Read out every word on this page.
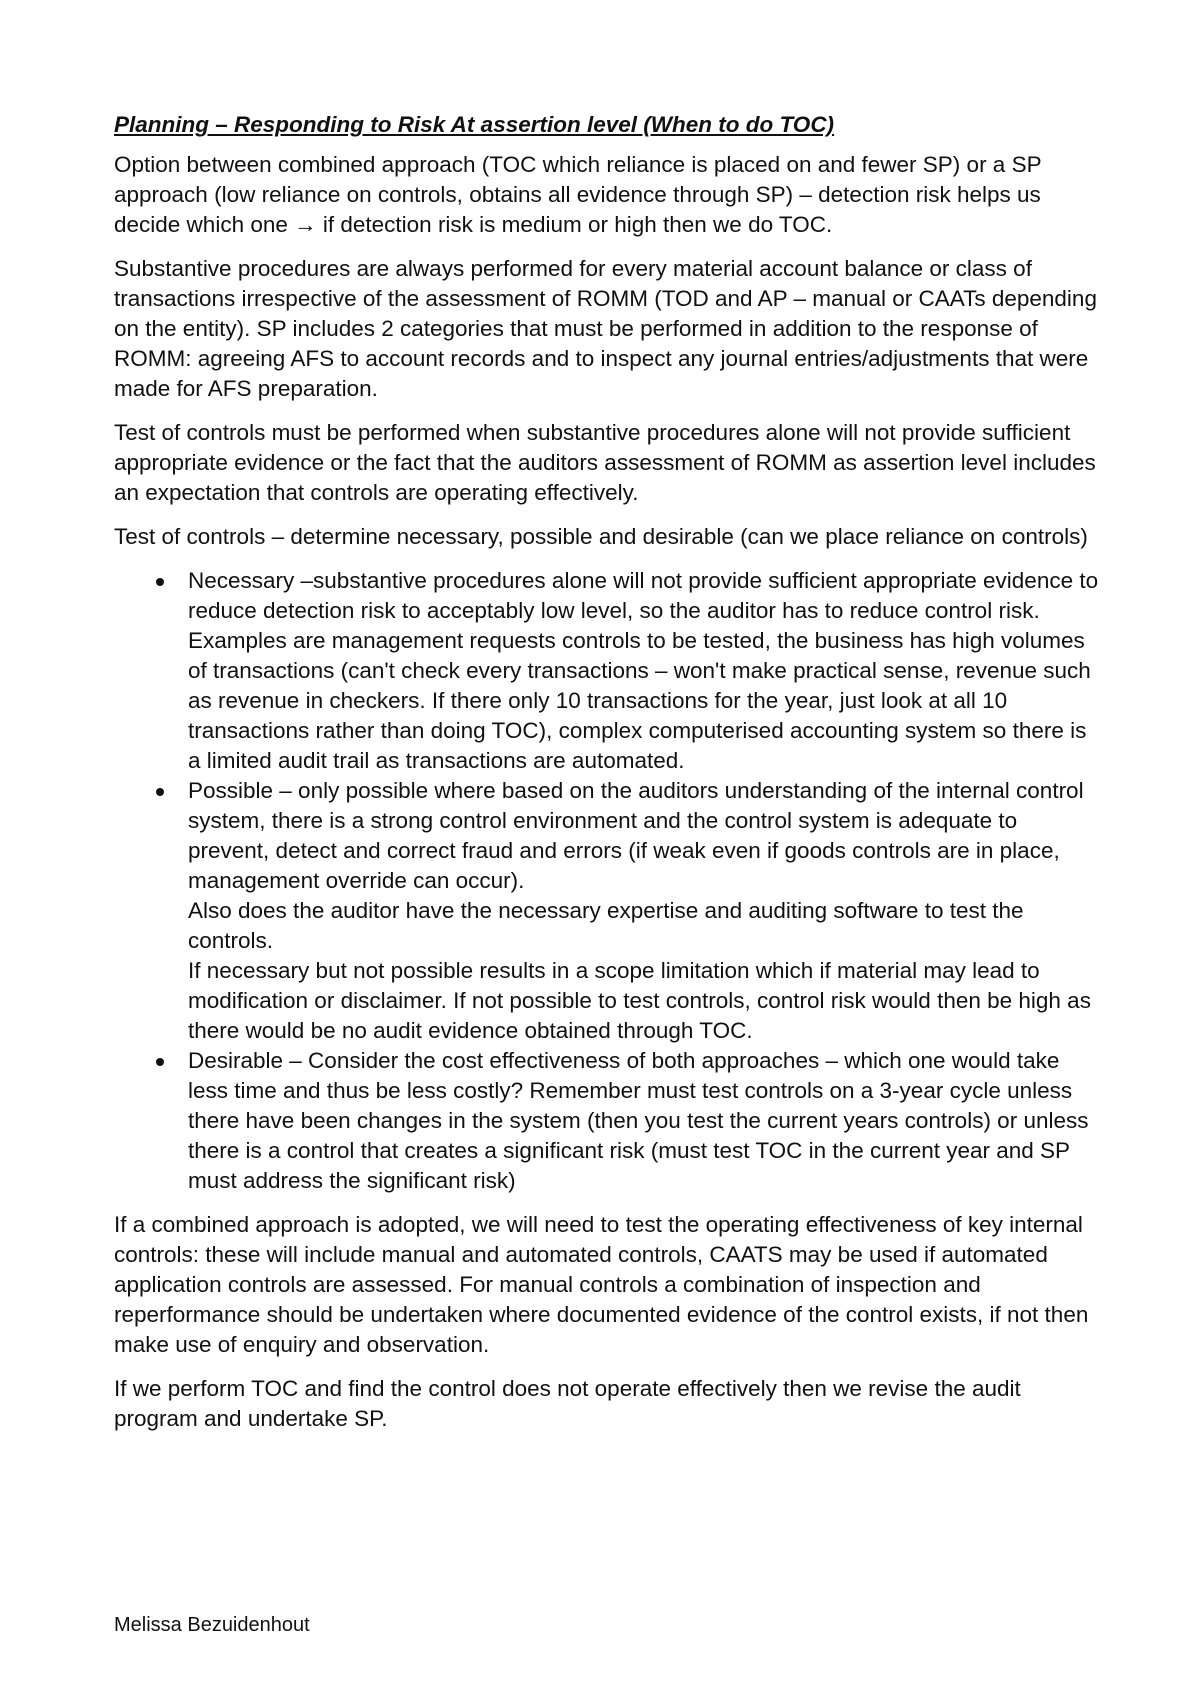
Planning – Responding to Risk At assertion level (When to do TOC)

Option between combined approach (TOC which reliance is placed on and fewer SP) or a SP approach (low reliance on controls, obtains all evidence through SP) – detection risk helps us decide which one → if detection risk is medium or high then we do TOC.

Substantive procedures are always performed for every material account balance or class of transactions irrespective of the assessment of ROMM (TOD and AP – manual or CAATs depending on the entity). SP includes 2 categories that must be performed in addition to the response of ROMM: agreeing AFS to account records and to inspect any journal entries/adjustments that were made for AFS preparation.

Test of controls must be performed when substantive procedures alone will not provide sufficient appropriate evidence or the fact that the auditors assessment of ROMM as assertion level includes an expectation that controls are operating effectively.

Test of controls – determine necessary, possible and desirable (can we place reliance on controls)

Necessary –substantive procedures alone will not provide sufficient appropriate evidence to reduce detection risk to acceptably low level, so the auditor has to reduce control risk. Examples are management requests controls to be tested, the business has high volumes of transactions (can't check every transactions – won't make practical sense, revenue such as revenue in checkers. If there only 10 transactions for the year, just look at all 10 transactions rather than doing TOC), complex computerised accounting system so there is a limited audit trail as transactions are automated.
Possible – only possible where based on the auditors understanding of the internal control system, there is a strong control environment and the control system is adequate to prevent, detect and correct fraud and errors (if weak even if goods controls are in place, management override can occur).
Also does the auditor have the necessary expertise and auditing software to test the controls.
If necessary but not possible results in a scope limitation which if material may lead to modification or disclaimer. If not possible to test controls, control risk would then be high as there would be no audit evidence obtained through TOC.
Desirable – Consider the cost effectiveness of both approaches – which one would take less time and thus be less costly? Remember must test controls on a 3-year cycle unless there have been changes in the system (then you test the current years controls) or unless there is a control that creates a significant risk (must test TOC in the current year and SP must address the significant risk)

If a combined approach is adopted, we will need to test the operating effectiveness of key internal controls: these will include manual and automated controls, CAATS may be used if automated application controls are assessed. For manual controls a combination of inspection and reperformance should be undertaken where documented evidence of the control exists, if not then make use of enquiry and observation.

If we perform TOC and find the control does not operate effectively then we revise the audit program and undertake SP.

Melissa Bezuidenhout
